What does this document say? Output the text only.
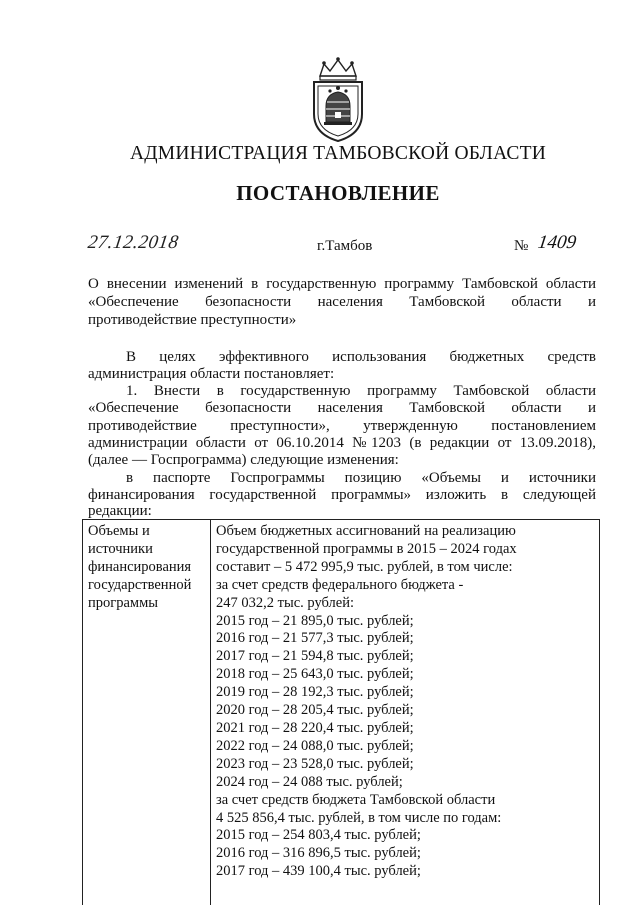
АДМИНИСТРАЦИЯ ТАМБОВСКОЙ ОБЛАСТИ
ПОСТАНОВЛЕНИЕ
27.12.2018	г.Тамбов	№ 1409
О внесении изменений в государственную программу Тамбовской области
«Обеспечение безопасности населения Тамбовской области и
противодействие преступности»
В целях эффективного использования бюджетных средств
администрация области постановляет:
1. Внести в государственную программу Тамбовской области
«Обеспечение безопасности населения Тамбовской области и
противодействие преступности», утвержденную постановлением
администрации области от 06.10.2014 №1203 (в редакции от 13.09.2018),
(далее — Госпрограмма) следующие изменения:
в паспорте Госпрограммы позицию «Объемы и источники
финансирования государственной программы» изложить в следующей
редакции:
Объемы и
источники
финансирования
государственной
программы
Объем бюджетных ассигнований на реализацию
государственной программы в 2015 – 2024 годах
составит – 5 472 995,9 тыс. рублей, в том числе:
за счет средств федерального бюджета -
247 032,2 тыс. рублей:
2015 год – 21 895,0 тыс. рублей;
2016 год – 21 577,3 тыс. рублей;
2017 год – 21 594,8 тыс. рублей;
2018 год – 25 643,0 тыс. рублей;
2019 год – 28 192,3 тыс. рублей;
2020 год – 28 205,4 тыс. рублей;
2021 год – 28 220,4 тыс. рублей;
2022 год – 24 088,0 тыс. рублей;
2023 год – 23 528,0 тыс. рублей;
2024 год – 24 088 тыс. рублей;
за счет средств бюджета Тамбовской области
4 525 856,4 тыс. рублей, в том числе по годам:
2015 год – 254 803,4 тыс. рублей;
2016 год – 316 896,5 тыс. рублей;
2017 год – 439 100,4 тыс. рублей;
